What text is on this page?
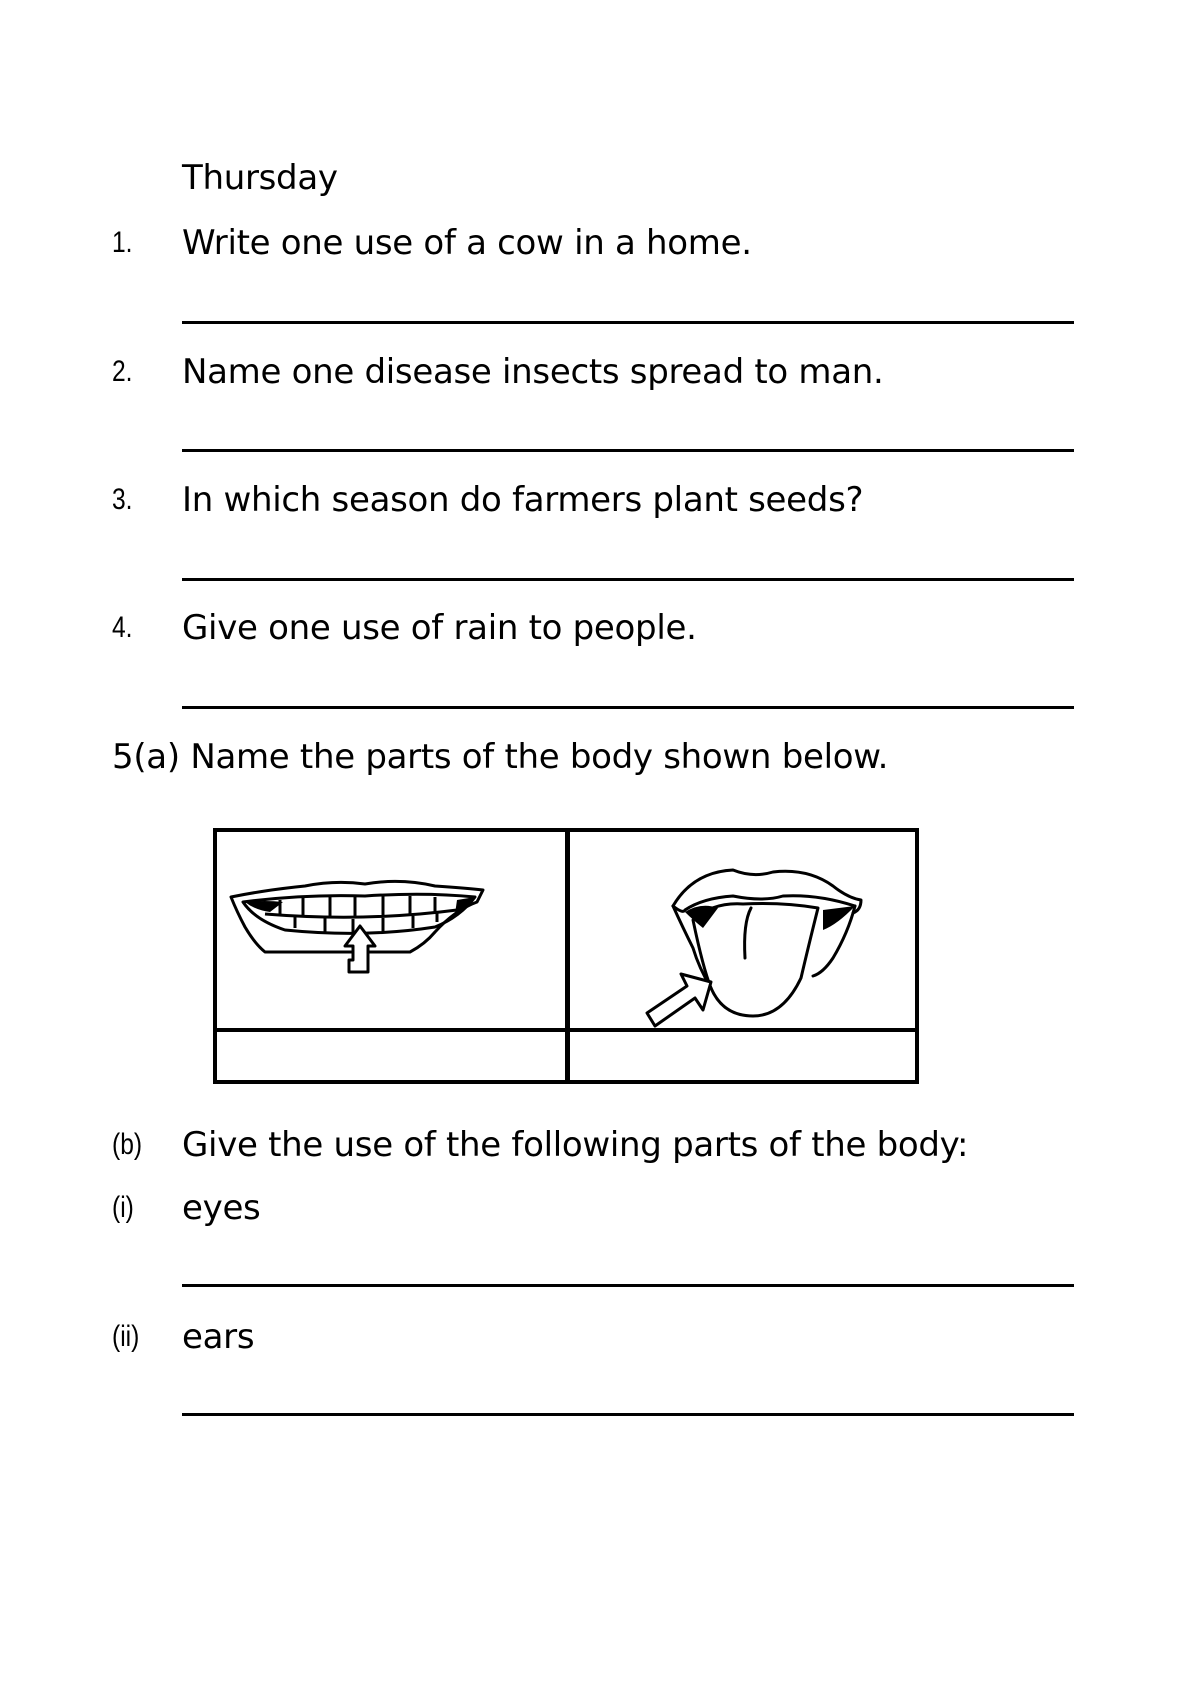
Thursday
1. Write one use of a cow in a home.
2. Name one disease insects spread to man.
3. In which season do farmers plant seeds?
4. Give one use of rain to people.
5(a) Name the parts of the body shown below.
(b) Give the use of the following parts of the body:
(i) eyes
(ii) ears
